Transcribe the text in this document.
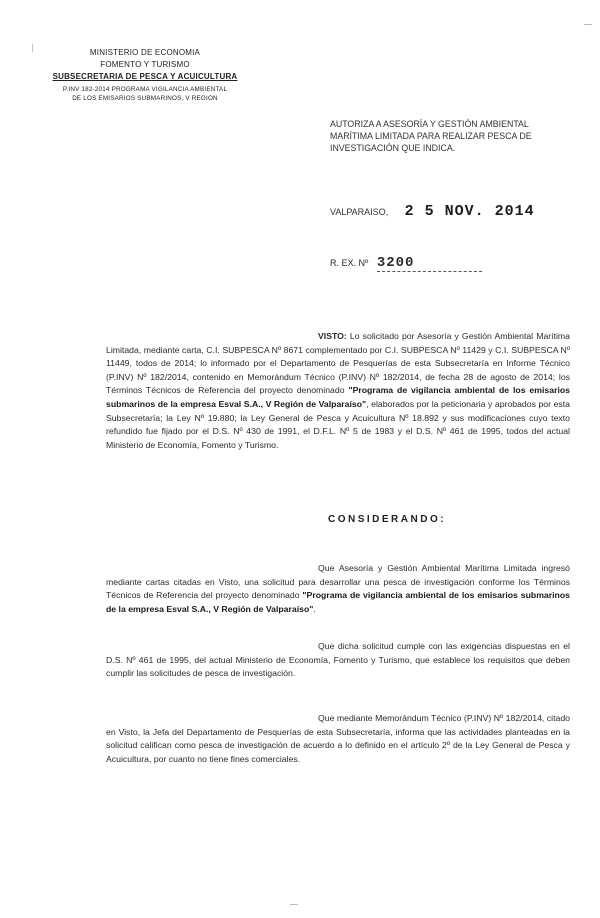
MINISTERIO DE ECONOMIA
FOMENTO Y TURISMO
SUBSECRETARIA DE PESCA Y ACUICULTURA
P.INV 182-2014 PROGRAMA VIGILANCIA AMBIENTAL
DE LOS EMISARIOS SUBMARINOS, V REGION
AUTORIZA A ASESORÍA Y GESTIÓN AMBIENTAL MARÍTIMA LIMITADA PARA REALIZAR PESCA DE INVESTIGACIÓN QUE INDICA.
VALPARAISO, 2 5 NOV. 2014
R. EX. Nº 3200
VISTO: Lo solicitado por Asesoría y Gestión Ambiental Marítima Limitada, mediante carta, C.I. SUBPESCA Nº 8671 complementado por C.I. SUBPESCA Nº 11429 y C.I. SUBPESCA Nº 11449, todos de 2014; lo informado por el Departamento de Pesquerías de esta Subsecretaría en Informe Técnico (P.INV) Nº 182/2014, contenido en Memorándum Técnico (P.INV) Nº 182/2014, de fecha 28 de agosto de 2014; los Términos Técnicos de Referencia del proyecto denominado "Programa de vigilancia ambiental de los emisarios submarinos de la empresa Esval S.A., V Región de Valparaíso", elaborados por la peticionaria y aprobados por esta Subsecretaría; la Ley Nº 19.880; la Ley General de Pesca y Acuicultura Nº 18.892 y sus modificaciones cuyo texto refundido fue fijado por el D.S. Nº 430 de 1991, el D.F.L. Nº 5 de 1983 y el D.S. Nº 461 de 1995, todos del actual Ministerio de Economía, Fomento y Turismo.
CONSIDERANDO:
Que Asesoría y Gestión Ambiental Marítima Limitada ingresó mediante cartas citadas en Visto, una solicitud para desarrollar una pesca de investigación conforme los Términos Técnicos de Referencia del proyecto denominado "Programa de vigilancia ambiental de los emisarios submarinos de la empresa Esval S.A., V Región de Valparaíso".
Que dicha solicitud cumple con las exigencias dispuestas en el D.S. Nº 461 de 1995, del actual Ministerio de Economía, Fomento y Turismo, que establece los requisitos que deben cumplir las solicitudes de pesca de investigación.
Que mediante Memorándum Técnico (P.INV) Nº 182/2014, citado en Visto, la Jefa del Departamento de Pesquerías de esta Subsecretaría, informa que las actividades planteadas en la solicitud califican como pesca de investigación de acuerdo a lo definido en el artículo 2º de la Ley General de Pesca y Acuicultura, por cuanto no tiene fines comerciales.
